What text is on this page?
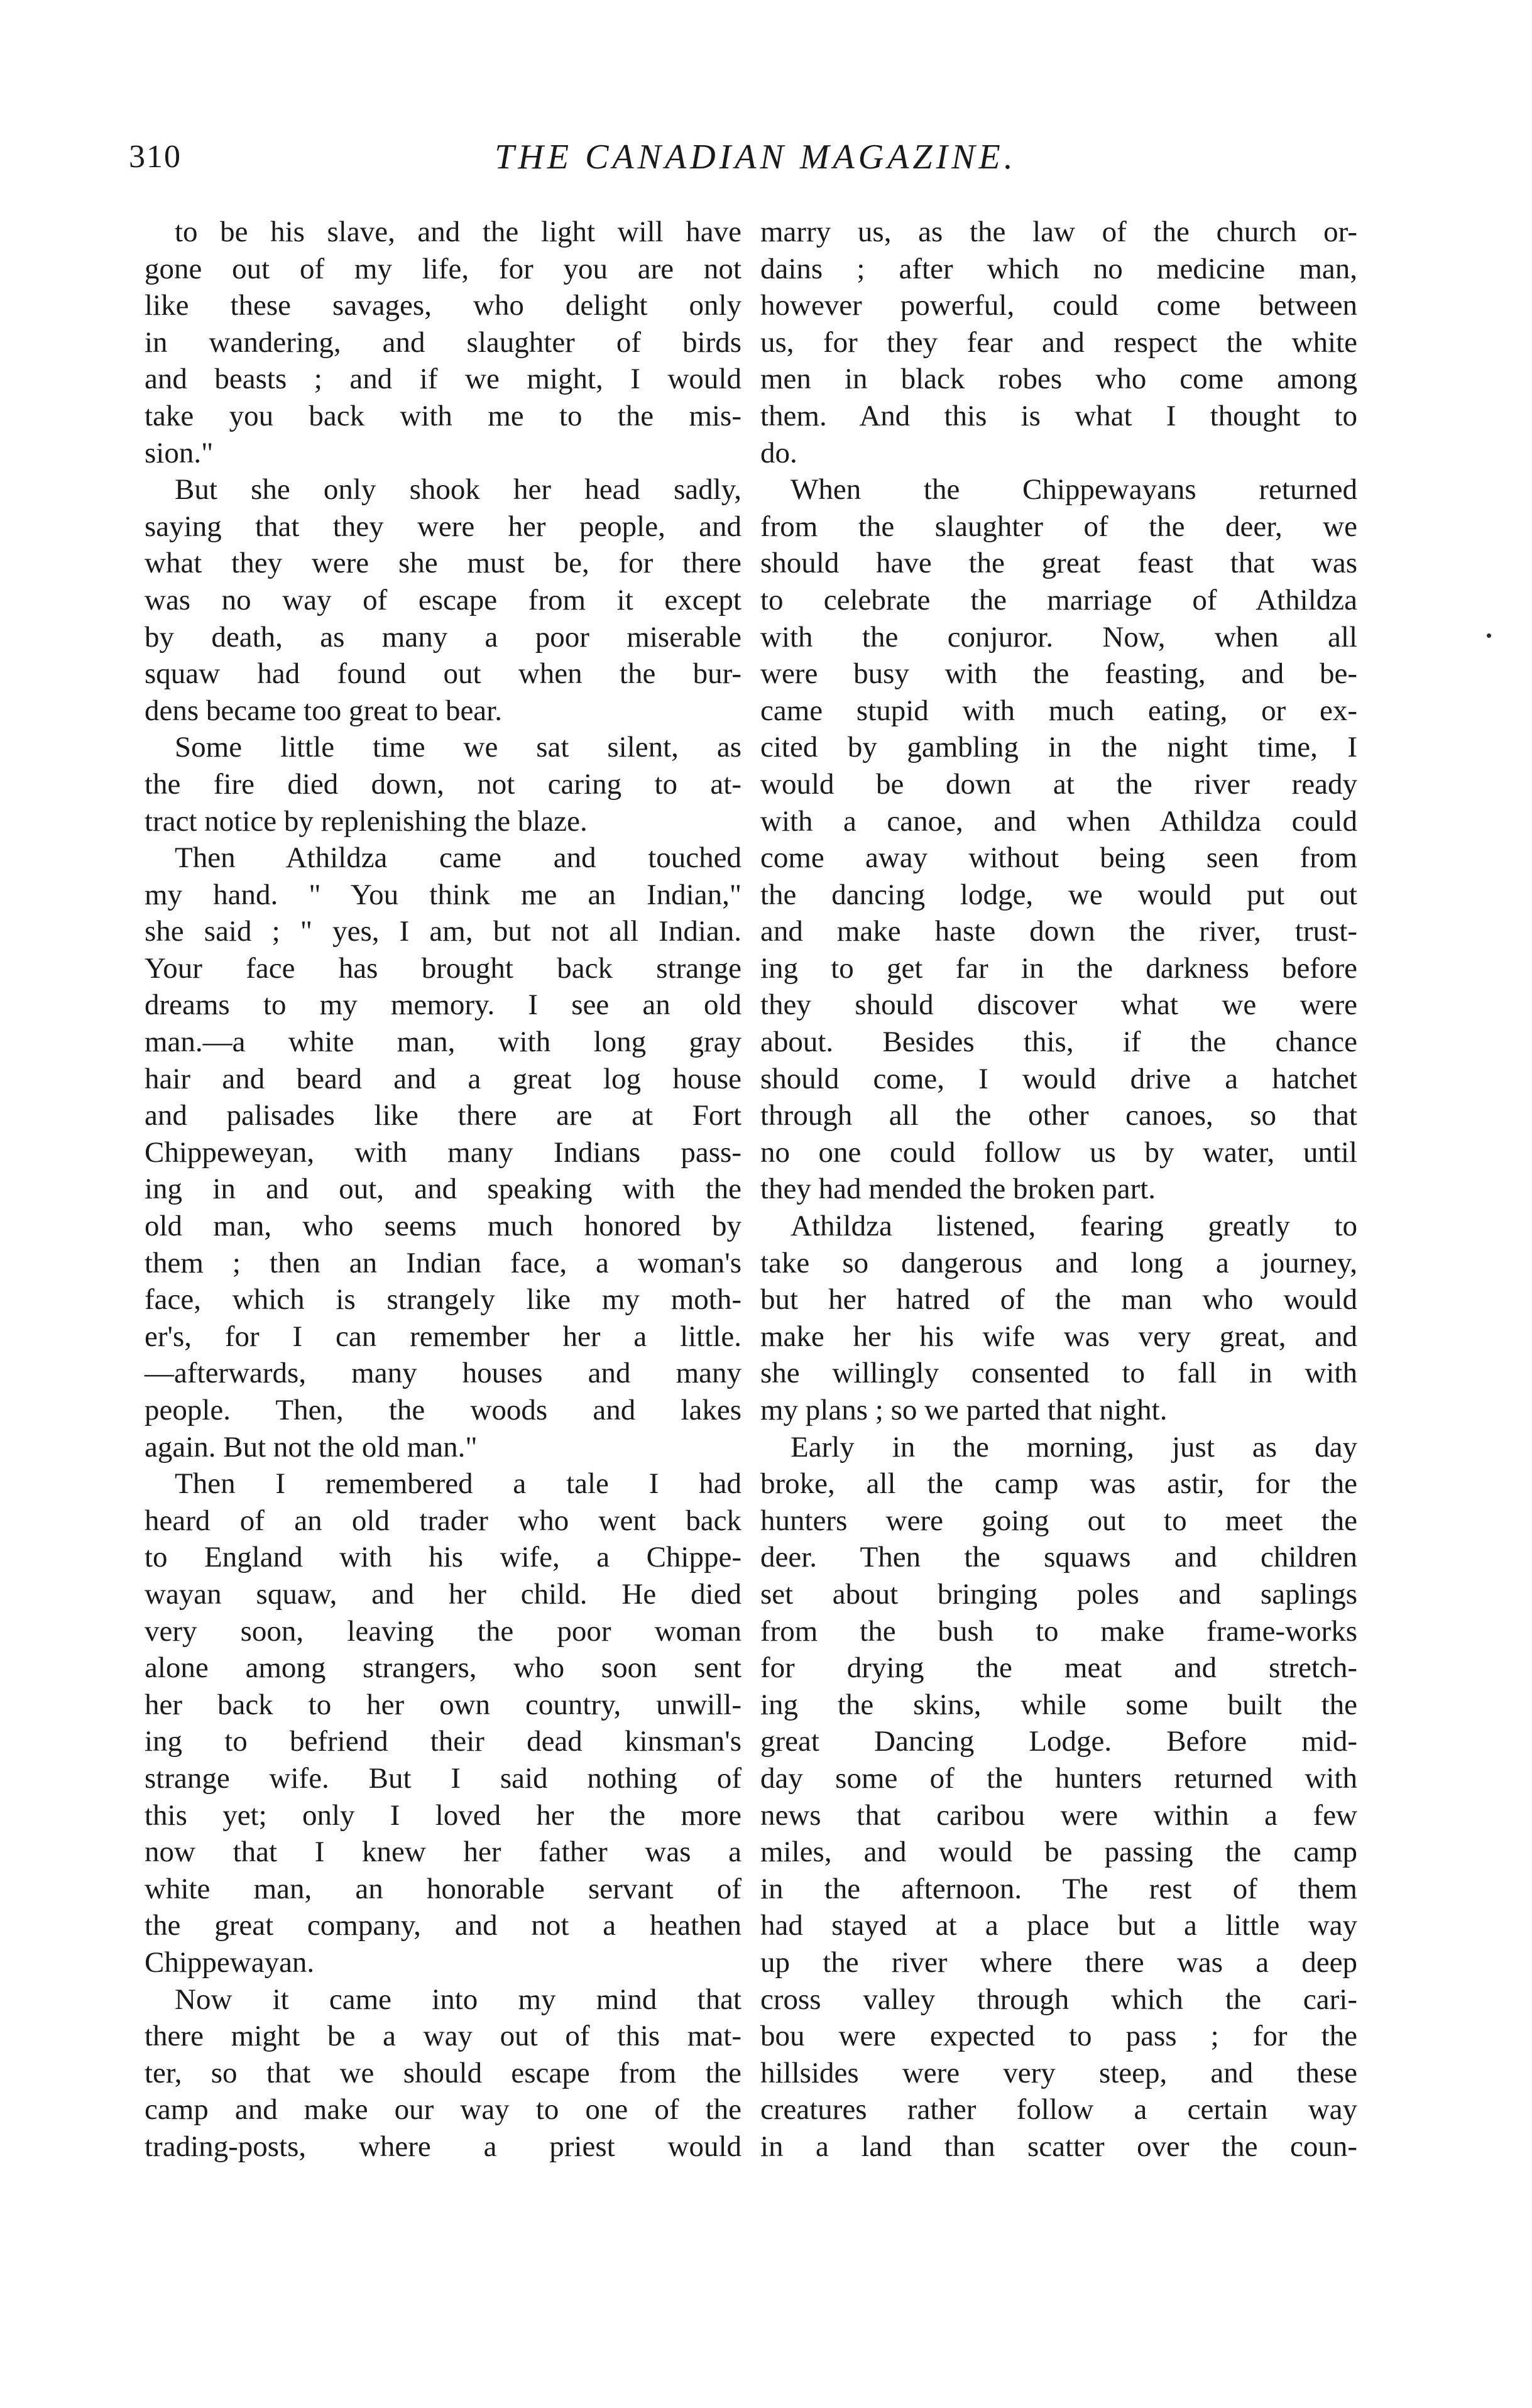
310	THE CANADIAN MAGAZINE.
to be his slave, and the light will have
gone out of my life, for you are not
like these savages, who delight only
in wandering, and slaughter of birds
and beasts ; and if we might, I would
take you back with me to the mis-
sion."
But she only shook her head sadly,
saying that they were her people, and
what they were she must be, for there
was no way of escape from it except
by death, as many a poor miserable
squaw had found out when the bur-
dens became too great to bear.
Some little time we sat silent, as
the fire died down, not caring to at-
tract notice by replenishing the blaze.
Then Athildza came and touched
my hand. " You think me an Indian,"
she said ; " yes, I am, but not all Indian.
Your face has brought back strange
dreams to my memory. I see an old
man.—a white man, with long gray
hair and beard and a great log house
and palisades like there are at Fort
Chippeweyan, with many Indians pass-
ing in and out, and speaking with the
old man, who seems much honored by
them ; then an Indian face, a woman's
face, which is strangely like my moth-
er's, for I can remember her a little.
—afterwards, many houses and many
people. Then, the woods and lakes
again. But not the old man."
Then I remembered a tale I had
heard of an old trader who went back
to England with his wife, a Chippe-
wayan squaw, and her child. He died
very soon, leaving the poor woman
alone among strangers, who soon sent
her back to her own country, unwill-
ing to befriend their dead kinsman's
strange wife. But I said nothing of
this yet; only I loved her the more
now that I knew her father was a
white man, an honorable servant of
the great company, and not a heathen
Chippewayan.
Now it came into my mind that
there might be a way out of this mat-
ter, so that we should escape from the
camp and make our way to one of the
trading-posts, where a priest would
marry us, as the law of the church or-
dains ; after which no medicine man,
however powerful, could come between
us, for they fear and respect the white
men in black robes who come among
them. And this is what I thought to
do.
When the Chippewayans returned
from the slaughter of the deer, we
should have the great feast that was
to celebrate the marriage of Athildza
with the conjuror. Now, when all
were busy with the feasting, and be-
came stupid with much eating, or ex-
cited by gambling in the night time, I
would be down at the river ready
with a canoe, and when Athildza could
come away without being seen from
the dancing lodge, we would put out
and make haste down the river, trust-
ing to get far in the darkness before
they should discover what we were
about. Besides this, if the chance
should come, I would drive a hatchet
through all the other canoes, so that
no one could follow us by water, until
they had mended the broken part.
Athildza listened, fearing greatly to
take so dangerous and long a journey,
but her hatred of the man who would
make her his wife was very great, and
she willingly consented to fall in with
my plans ; so we parted that night.
Early in the morning, just as day
broke, all the camp was astir, for the
hunters were going out to meet the
deer. Then the squaws and children
set about bringing poles and saplings
from the bush to make frame-works
for drying the meat and stretch-
ing the skins, while some built the
great Dancing Lodge. Before mid-
day some of the hunters returned with
news that caribou were within a few
miles, and would be passing the camp
in the afternoon. The rest of them
had stayed at a place but a little way
up the river where there was a deep
cross valley through which the cari-
bou were expected to pass ; for the
hillsides were very steep, and these
creatures rather follow a certain way
in a land than scatter over the coun-
